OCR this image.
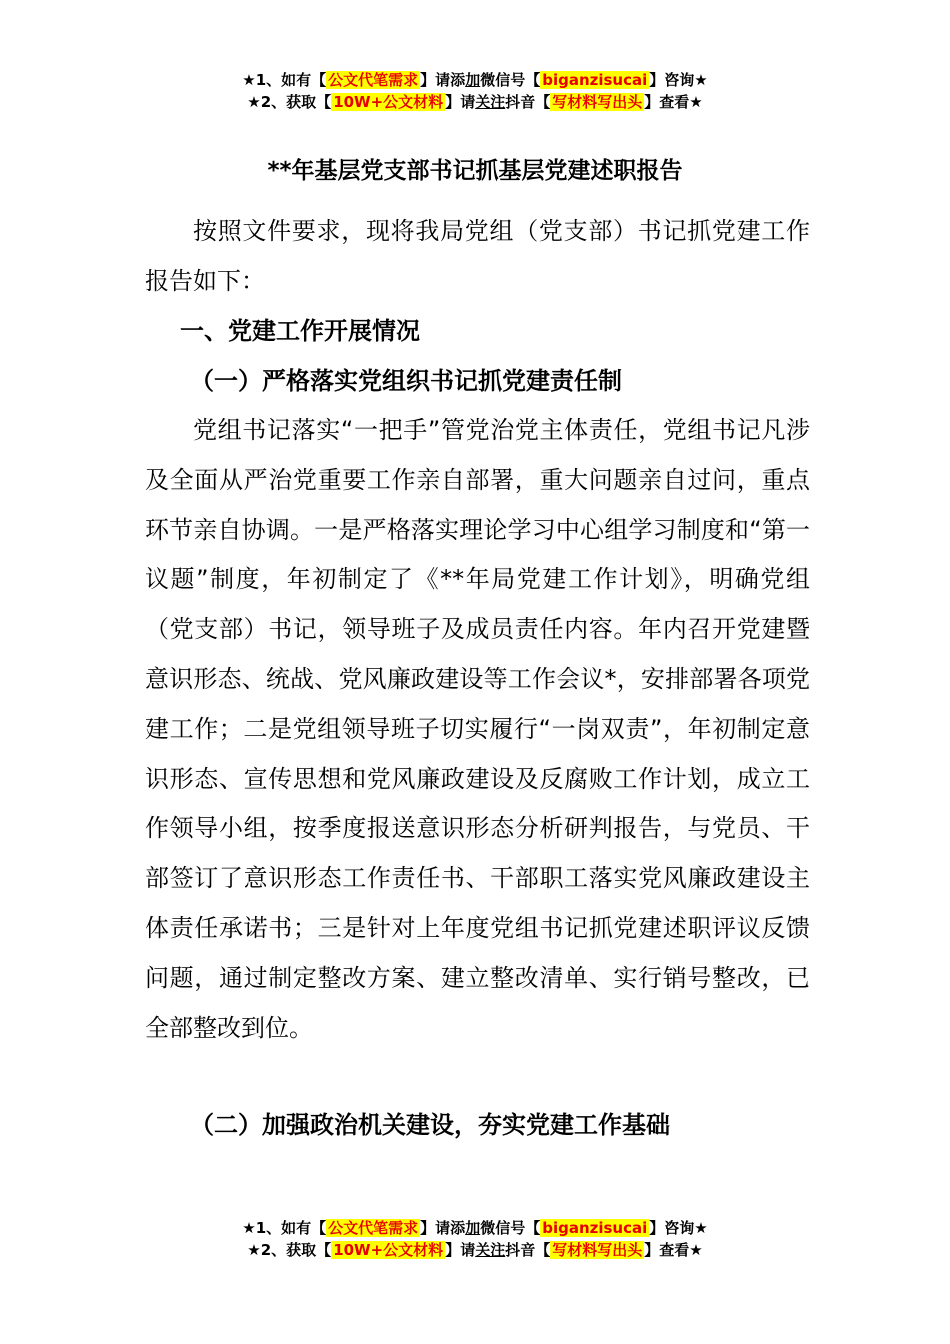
★1、如有【 公文代笔需求 】请添加微信号【 biganzisucai 】咨询★
★2、获取【 10W+公文材料 】请关注抖音【 写材料写出头 】查看★
**年基层党支部书记抓基层党建述职报告

按照文件要求，现将我局党组（党支部）书记抓党建工作报告如下：

一、党建工作开展情况
（一）严格落实党组织书记抓党建责任制

党组书记落实“一把手”管党治党主体责任，党组书记凡涉及全面从严治党重要工作亲自部署，重大问题亲自过问，重点环节亲自协调。一是严格落实理论学习中心组学习制度和“第一议题”制度，年初制定了《**年局党建工作计划》，明确党组（党支部）书记，领导班子及成员责任内容。年内召开党建暨意识形态、统战、党风廉政建设等工作会议*，安排部署各项党建工作；二是党组领导班子切实履行“一岗双责”，年初制定意识形态、宣传思想和党风廉政建设及反腐败工作计划，成立工作领导小组，按季度报送意识形态分析研判报告，与党员、干部签订了意识形态工作责任书、干部职工落实党风廉政建设主体责任承诺书；三是针对上年度党组书记抓党建述职评议反馈问题，通过制定整改方案、建立整改清单、实行销号整改，已全部整改到位。

（二）加强政治机关建设，夯实党建工作基础
★1、如有【 公文代笔需求 】请添加微信号【 biganzisucai 】咨询★
★2、获取【 10W+公文材料 】请关注抖音【 写材料写出头 】查看★
